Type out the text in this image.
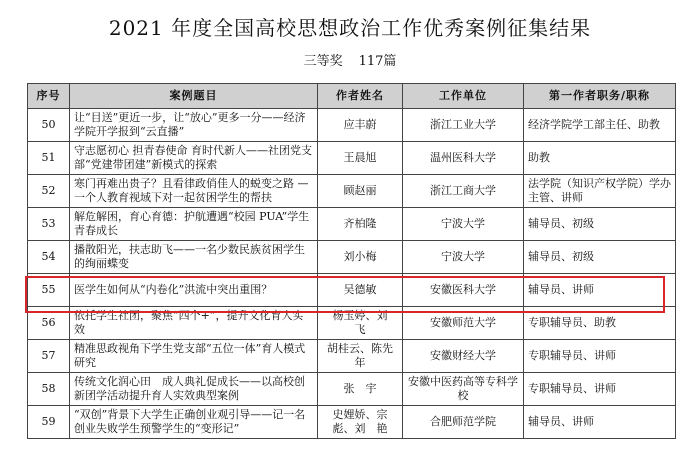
2021 年度全国高校思想政治工作优秀案例征集结果
三等奖 117篇
序号	案例题目	作者姓名	工作单位	第一作者职务/职称
50	让“目送”更近一步，让“放心”更多一分——经济学院开学报到“云直播”	应丰蔚	浙江工业大学	经济学院学工部主任、助教
51	守志愿初心 担青春使命 育时代新人——社团党支部“党建带团建”新模式的探索	王晨旭	温州医科大学	助教
52	寒门再难出贵子？且看律政俏佳人的蜕变之路 —一个人教育视域下对一起贫困学生的帮扶	顾赵丽	浙江工商大学	法学院（知识产权学院）学办主管、讲师
53	解危解困，育心育德：护航遭遇“校园 PUA”学生青春成长	齐柏隆	宁波大学	辅导员、初级
54	播散阳光，扶志助飞——一名少数民族贫困学生的绚丽蝶变	刘小梅	宁波大学	辅导员、初级
55	医学生如何从“内卷化”洪流中突出重围？	吴德敏	安徽医科大学	辅导员、讲师
56	依托学生社团，聚焦“四个+”，提升文化育人实效	杨玉婷、刘　飞	安徽师范大学	专职辅导员、助教
57	精准思政视角下学生党支部“五位一体”育人模式研究	胡桂云、陈先年	安徽财经大学	专职辅导员、讲师
58	传统文化润心田　成人典礼促成长——以高校创新团学活动提升育人实效典型案例	张　宇	安徽中医药高等专科学校	专职辅导员、讲师
59	“双创”背景下大学生正确创业观引导——记一名创业失败学生预警学生的“变形记”	史娌娇、宗　彪、刘　艳	合肥师范学院	辅导员、讲师
